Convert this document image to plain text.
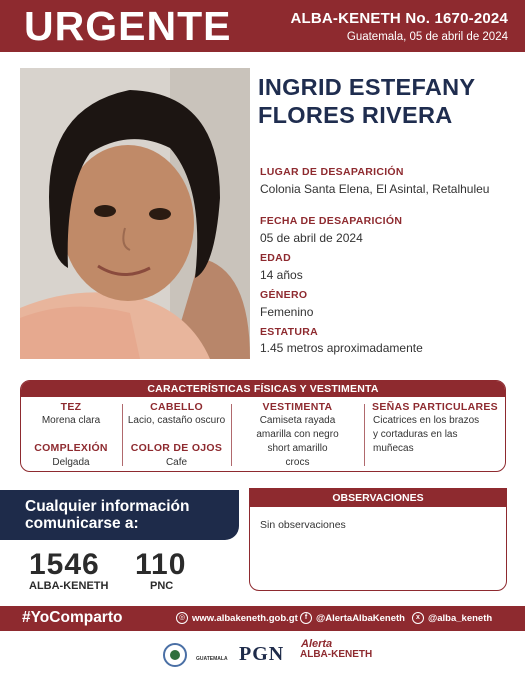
URGENTE	ALBA-KENETH No. 1670-2024
Guatemala, 05 de abril de 2024
INGRID ESTEFANY
FLORES RIVERA
LUGAR DE DESAPARICIÓN
Colonia Santa Elena, El Asintal, Retalhuleu
FECHA DE DESAPARICIÓN
05 de abril de 2024
EDAD
14 años
GÉNERO
Femenino
ESTATURA
1.45 metros aproximadamente
CARACTERÍSTICAS FÍSICAS Y VESTIMENTA
TEZ
Morena clara
COMPLEXIÓN
Delgada
CABELLO
Lacio, castaño oscuro
COLOR DE OJOS
Cafe
VESTIMENTA
Camiseta rayada
amarilla con negro
short amarillo
crocs
SEÑAS PARTICULARES
Cicatrices en los brazos
y cortaduras en las
muñecas
Cualquier información
comunicarse a:
1546
ALBA-KENETH
110
PNC
OBSERVACIONES
Sin observaciones
#YoComparto	◎ www.albakeneth.gob.gt	f @AlertaAlbaKeneth	x @alba_keneth
GUATEMALA PGN Alerta
ALBA-KENETH
